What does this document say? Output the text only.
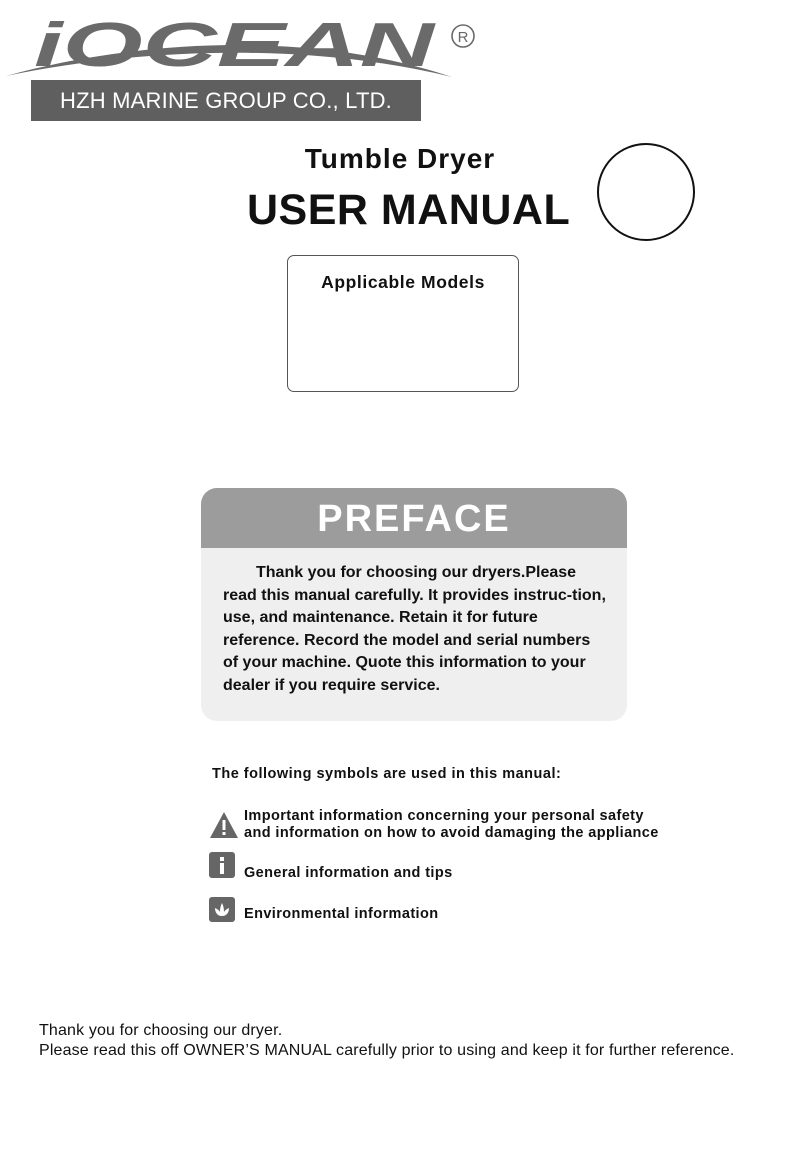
iOCEAN R
HZH MARINE GROUP CO., LTD.
Tumble Dryer
USER MANUAL
Applicable Models
PREFACE
Thank you for choosing our dryers.Please read this manual carefully. It provides instruc-tion, use, and maintenance. Retain it for future reference. Record the model and serial numbers of your machine. Quote this information to your dealer if you require service.
The following symbols are used in this manual:
Important information concerning your personal safety
and information on how to avoid damaging the appliance
General information and tips
Environmental information
Thank you for choosing our dryer.
Please read this off OWNER’S MANUAL carefully prior to using and keep it for further reference.
